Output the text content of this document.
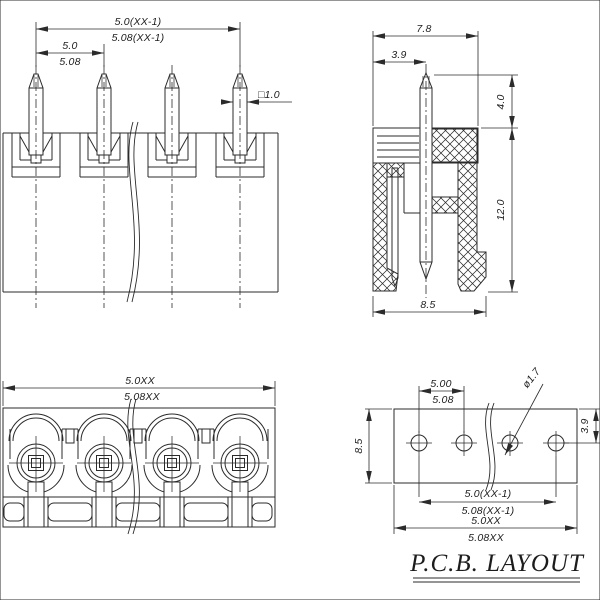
5.0(XX-1)
5.08(XX-1)
5.0
5.08
□1.0
7.8
3.9
4.0
12.0
8.5
5.0XX
5.08XX
5.00
5.08
ø1.7
3.9
8.5
5.0(XX-1)
5.08(XX-1)
5.0XX
5.08XX
P.C.B. LAYOUT
